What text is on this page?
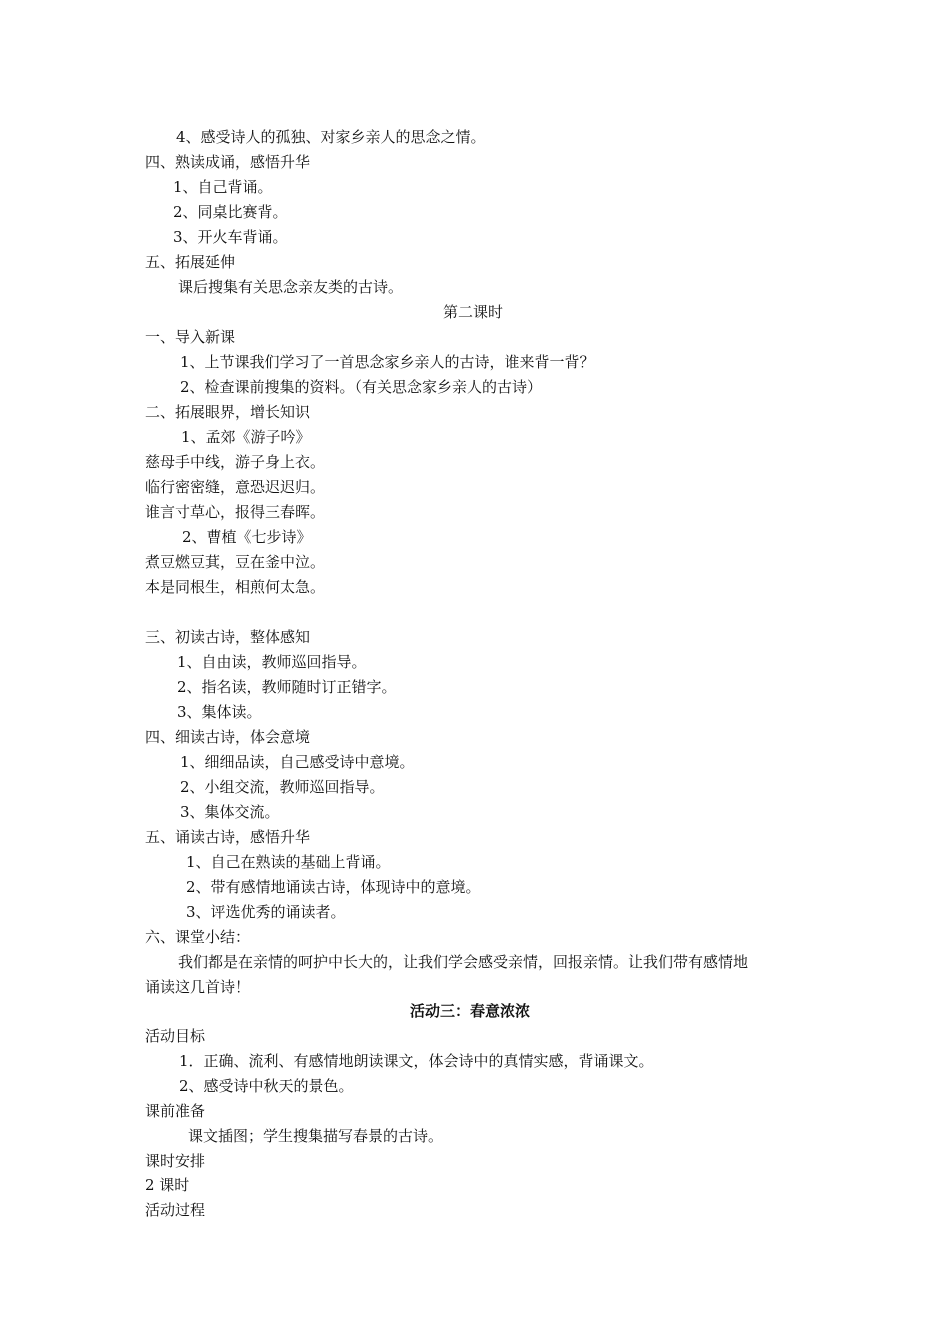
4、感受诗人的孤独、对家乡亲人的思念之情。
四、熟读成诵，感悟升华
1、自己背诵。
2、同桌比赛背。
3、开火车背诵。
五、拓展延伸
课后搜集有关思念亲友类的古诗。
第二课时
一、导入新课
1、上节课我们学习了一首思念家乡亲人的古诗，谁来背一背？
2、检查课前搜集的资料。（有关思念家乡亲人的古诗）
二、拓展眼界，增长知识
1、孟郊《游子吟》
慈母手中线，游子身上衣。
临行密密缝，意恐迟迟归。
谁言寸草心，报得三春晖。
2、曹植《七步诗》
煮豆燃豆萁，豆在釜中泣。
本是同根生，相煎何太急。
三、初读古诗，整体感知
1、自由读，教师巡回指导。
2、指名读，教师随时订正错字。
3、集体读。
四、细读古诗，体会意境
1、细细品读，自己感受诗中意境。
2、小组交流，教师巡回指导。
3、集体交流。
五、诵读古诗，感悟升华
1、自己在熟读的基础上背诵。
2、带有感情地诵读古诗，体现诗中的意境。
3、评选优秀的诵读者。
六、课堂小结：
我们都是在亲情的呵护中长大的，让我们学会感受亲情，回报亲情。让我们带有感情地
诵读这几首诗！
活动三：春意浓浓
活动目标
1．正确、流利、有感情地朗读课文，体会诗中的真情实感，背诵课文。
2、感受诗中秋天的景色。
课前准备
课文插图；学生搜集描写春景的古诗。
课时安排
2 课时
活动过程
